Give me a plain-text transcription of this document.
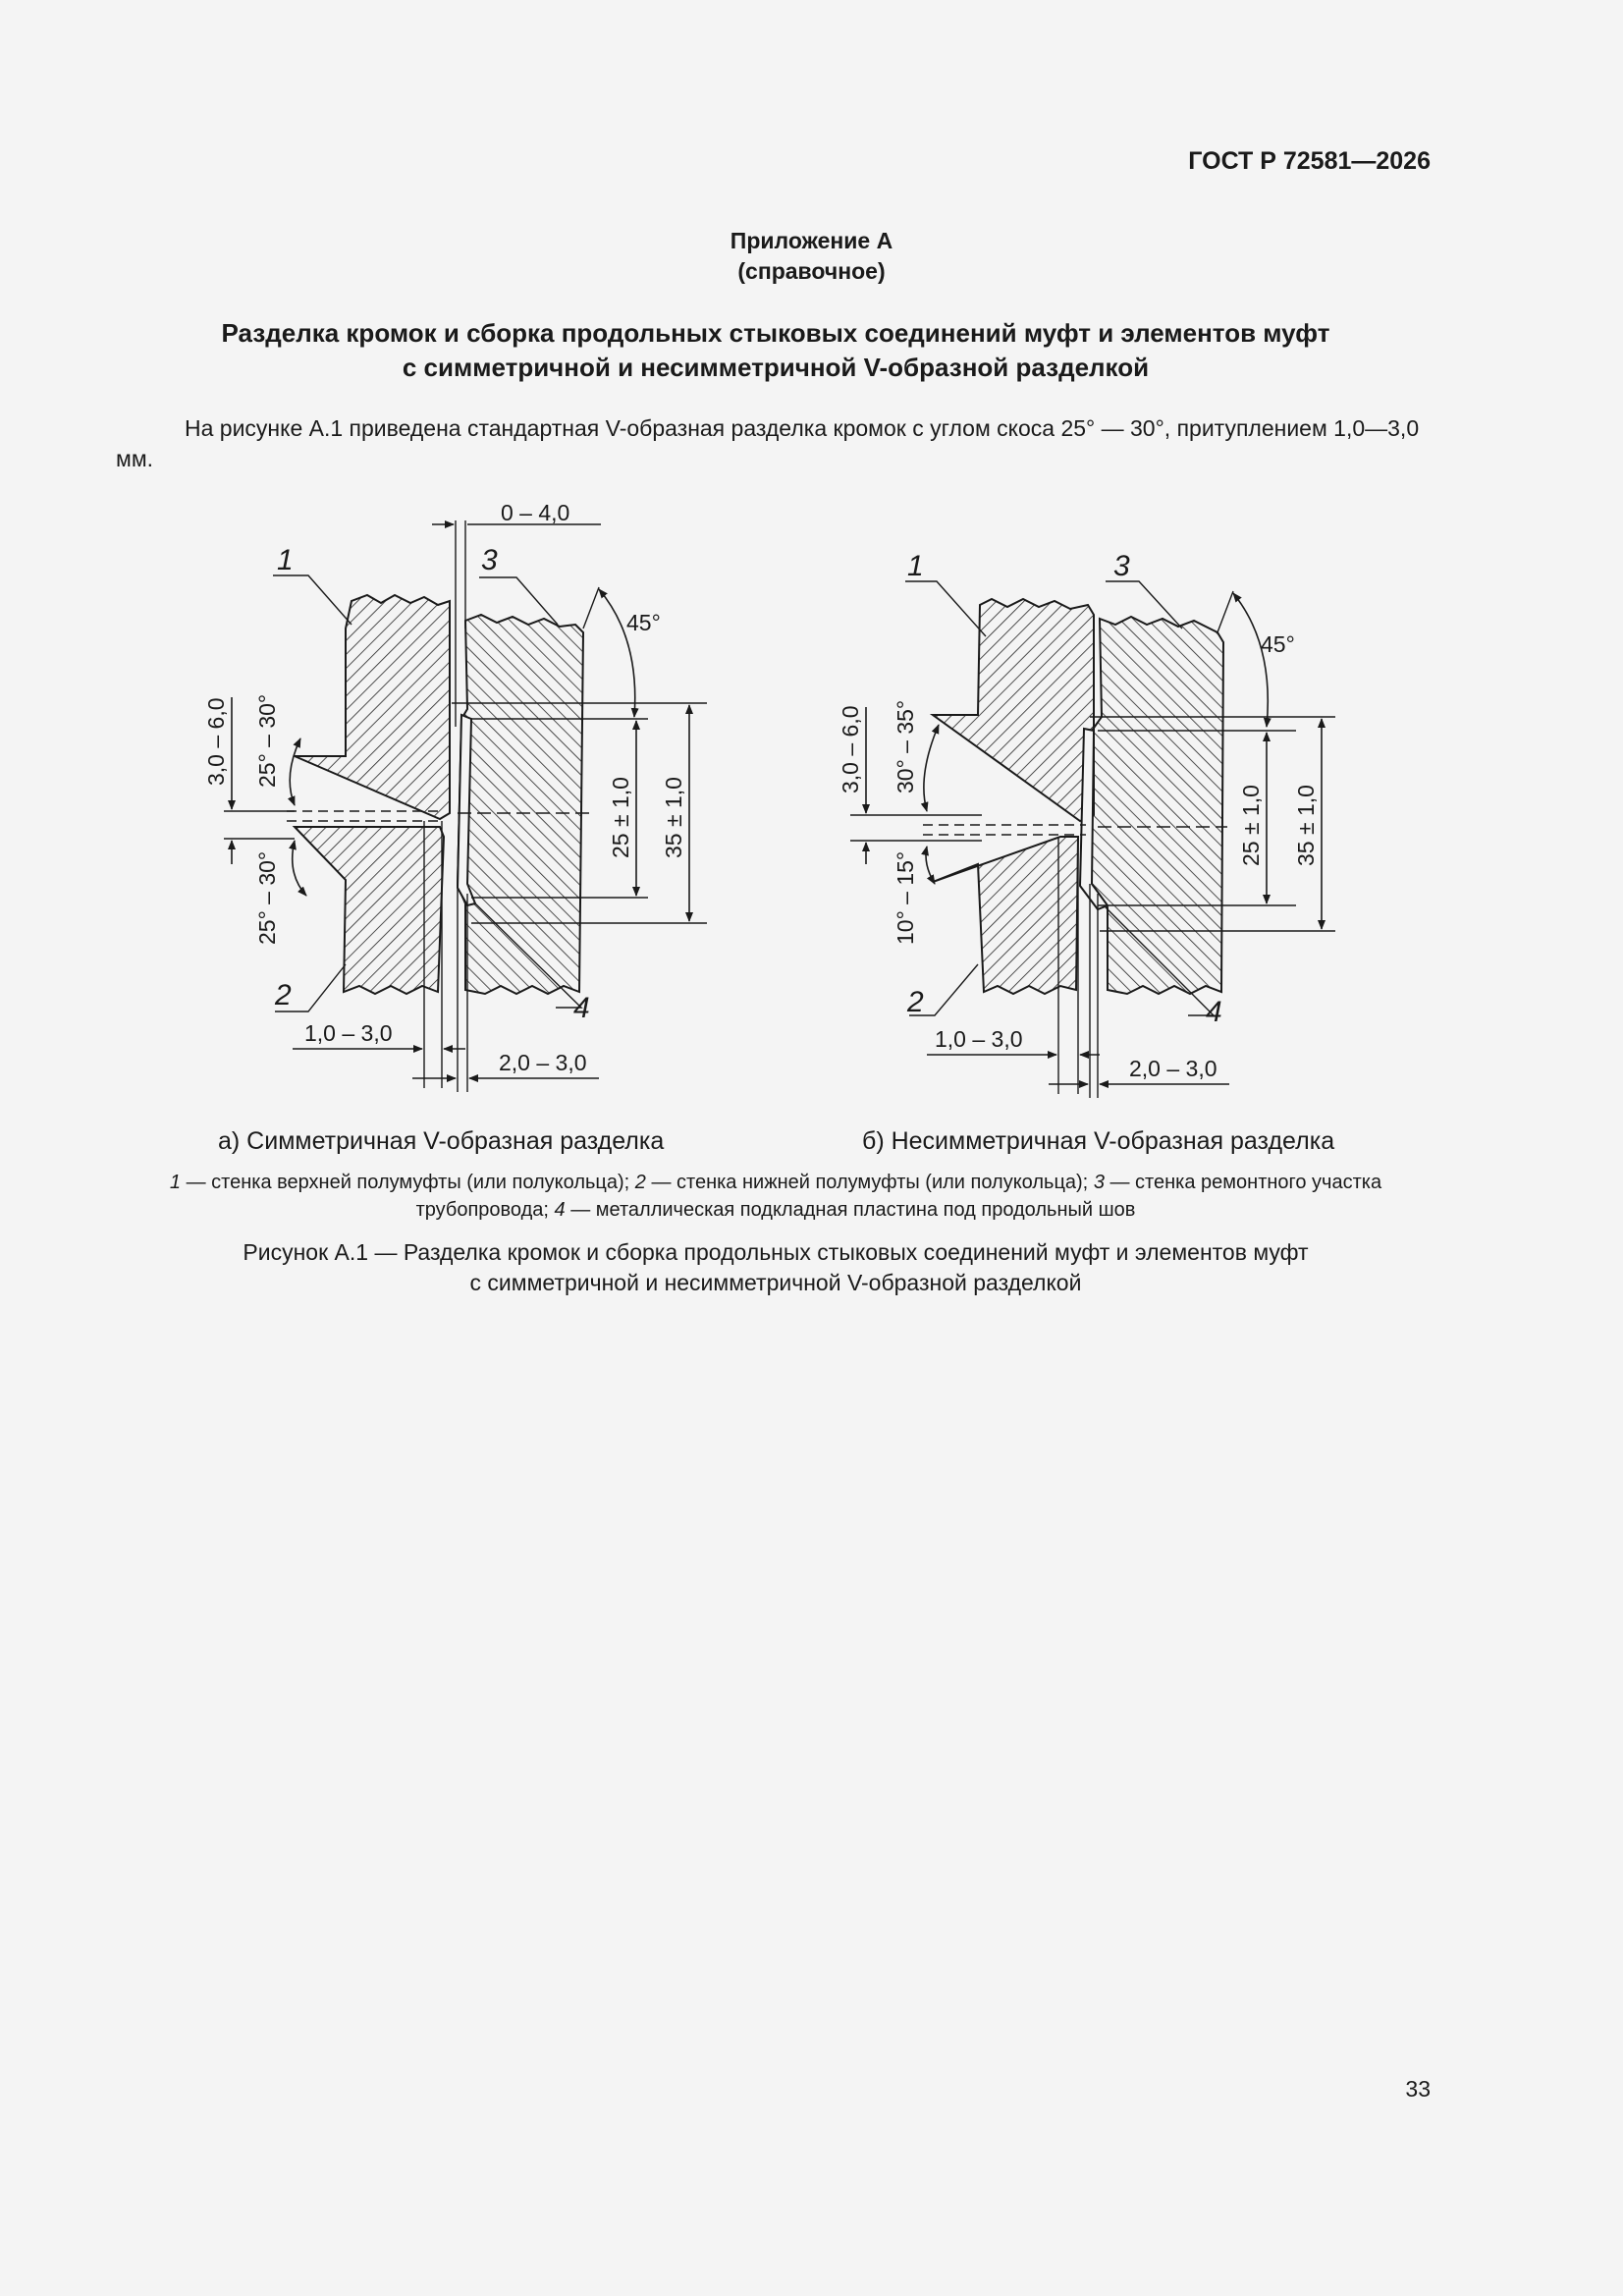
ГОСТ Р 72581—2026
Приложение А
(справочное)
Разделка кромок и сборка продольных стыковых соединений муфт и элементов муфт
с симметричной и несимметричной V-образной разделкой
На рисунке А.1 приведена стандартная V-образная разделка кромок с углом скоса 25° — 30°, притуплением 1,0—3,0 мм.
1	3
2	4
0 – 4,0
45°
25 ± 1,0 35 ± 1,0
3,0 – 6,0 25° – 30°
25° – 30°
1,0 – 3,0
2,0 – 3,0
1	3
2	4
45°
25 ± 1,0 35 ± 1,0
3,0 – 6,0 30° – 35°
10° – 15°
1,0 – 3,0
2,0 – 3,0
а) Симметричная V-образная разделка	б) Несимметричная V-образная разделка
1 — стенка верхней полумуфты (или полукольца); 2 — стенка нижней полумуфты (или полукольца); 3 — стенка ремонтного участка трубопровода; 4 — металлическая подкладная пластина под продольный шов
Рисунок А.1 — Разделка кромок и сборка продольных стыковых соединений муфт и элементов муфт
с симметричной и несимметричной V-образной разделкой
33
